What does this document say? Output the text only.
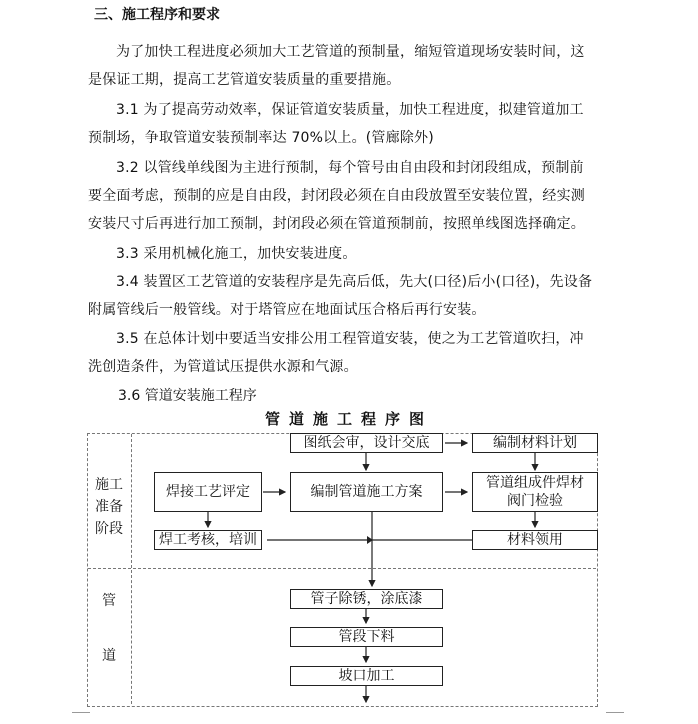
三、施工程序和要求
为了加快工程进度必须加大工艺管道的预制量，缩短管道现场安装时间，这
是保证工期，提高工艺管道安装质量的重要措施。
3.1 为了提高劳动效率，保证管道安装质量，加快工程进度，拟建管道加工
预制场，争取管道安装预制率达 70%以上。(管廊除外)
3.2 以管线单线图为主进行预制，每个管号由自由段和封闭段组成，预制前
要全面考虑，预制的应是自由段，封闭段必须在自由段放置至安装位置，经实测
安装尺寸后再进行加工预制，封闭段必须在管道预制前，按照单线图选择确定。
3.3 采用机械化施工，加快安装进度。
3.4 装置区工艺管道的安装程序是先高后低，先大(口径)后小(口径)，先设备
附属管线后一般管线。对于塔管应在地面试压合格后再行安装。
3.5 在总体计划中要适当安排公用工程管道安装，使之为工艺管道吹扫，冲
洗创造条件，为管道试压提供水源和气源。
3.6 管道安装施工程序
管道施工程序图
施工
准备
阶段
管
道
图纸会审，设计交底	编制材料计划
焊接工艺评定	编制管道施工方案
管道组成件焊材
阀门检验
焊工考核，培训	材料领用
管子除锈，涂底漆
管段下料
坡口加工
